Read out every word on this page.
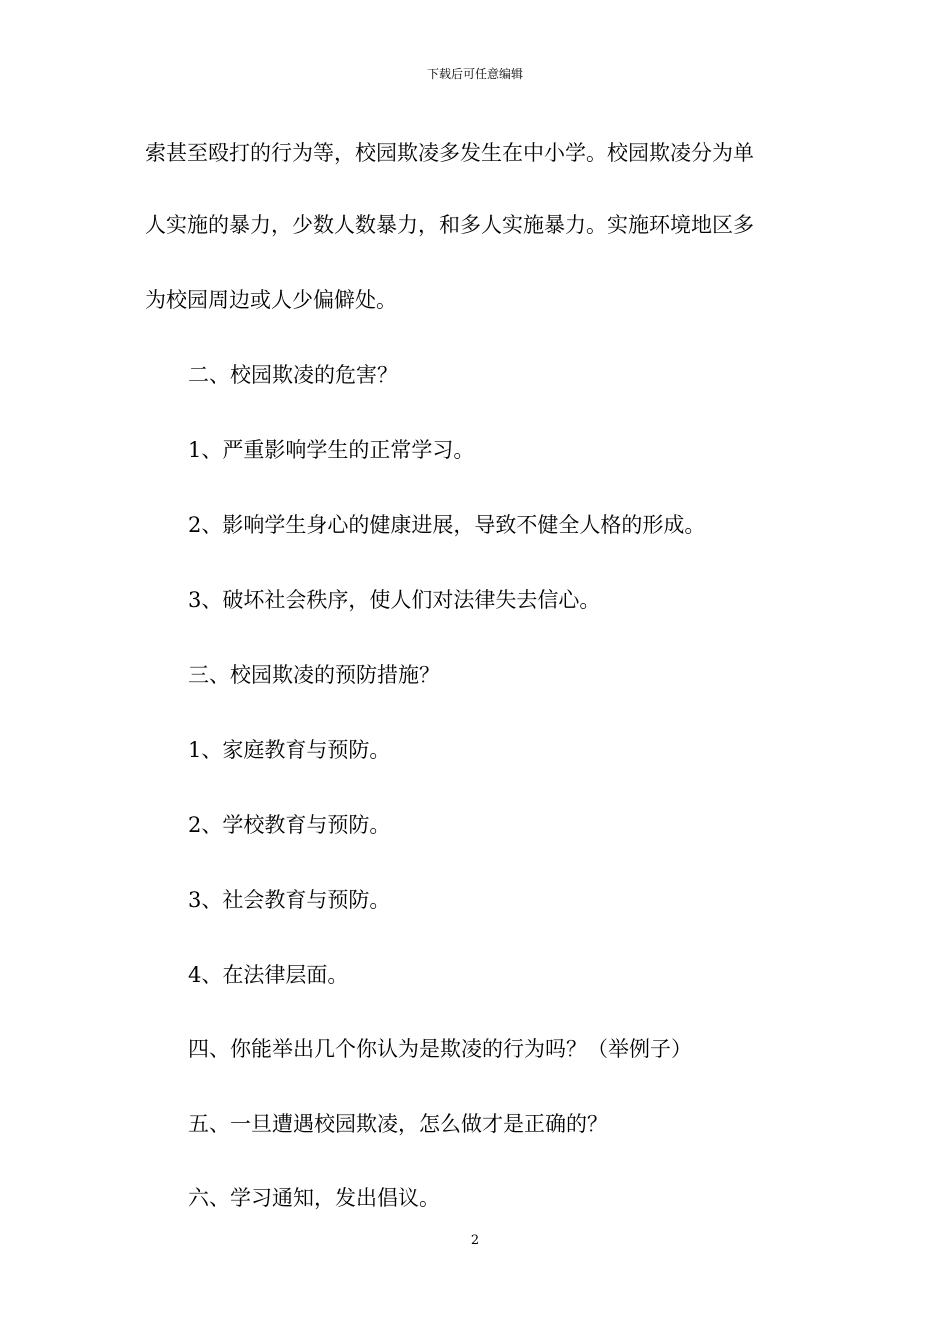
下载后可任意编辑
索甚至殴打的行为等，校园欺凌多发生在中小学。校园欺凌分为单
人实施的暴力，少数人数暴力，和多人实施暴力。实施环境地区多
为校园周边或人少偏僻处。
二、校园欺凌的危害？
1、严重影响学生的正常学习。
2、影响学生身心的健康进展，导致不健全人格的形成。
3、破坏社会秩序，使人们对法律失去信心。
三、校园欺凌的预防措施？
1、家庭教育与预防。
2、学校教育与预防。
3、社会教育与预防。
4、在法律层面。
四、你能举出几个你认为是欺凌的行为吗？（举例子）
五、一旦遭遇校园欺凌，怎么做才是正确的？
六、学习通知，发出倡议。
2
